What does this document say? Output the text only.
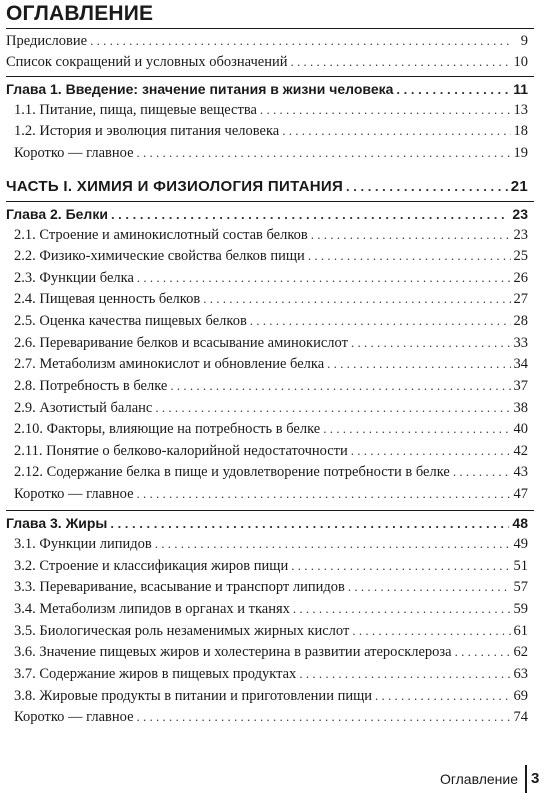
ОГЛАВЛЕНИЕ
Предисловие . . .	9
Список сокращений и условных обозначений . . .	10
Глава 1. Введение: значение питания в жизни человека . . .	11
1.1. Питание, пища, пищевые вещества . . .	13
1.2. История и эволюция питания человека . . .	18
Коротко — главное . . .	19
ЧАСТЬ I. ХИМИЯ И ФИЗИОЛОГИЯ ПИТАНИЯ . . .	21
Глава 2. Белки . . .	23
2.1. Строение и аминокислотный состав белков . . .	23
2.2. Физико-химические свойства белков пищи . . .	25
2.3. Функции белка . . .	26
2.4. Пищевая ценность белков . . .	27
2.5. Оценка качества пищевых белков . . .	28
2.6. Переваривание белков и всасывание аминокислот . . .	33
2.7. Метаболизм аминокислот и обновление белка . . .	34
2.8. Потребность в белке . . .	37
2.9. Азотистый баланс . . .	38
2.10. Факторы, влияющие на потребность в белке . . .	40
2.11. Понятие о белково-калорийной недостаточности . . .	42
2.12. Содержание белка в пище и удовлетворение потребности в белке . . .	43
Коротко — главное . . .	47
Глава 3. Жиры . . .	48
3.1. Функции липидов . . .	49
3.2. Строение и классификация жиров пищи . . .	51
3.3. Переваривание, всасывание и транспорт липидов . . .	57
3.4. Метаболизм липидов в органах и тканях . . .	59
3.5. Биологическая роль незаменимых жирных кислот . . .	61
3.6. Значение пищевых жиров и холестерина в развитии атеросклероза . . .	62
3.7. Содержание жиров в пищевых продуктах . . .	63
3.8. Жировые продукты в питании и приготовлении пищи . . .	69
Коротко — главное . . .	74
Оглавление 3
